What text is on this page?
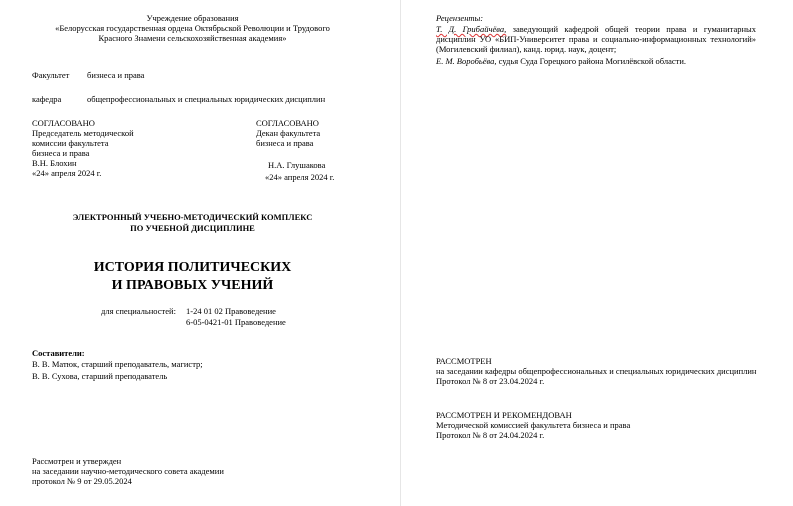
Учреждение образования
«Белорусская государственная ордена Октябрьской Революции и Трудового
Красного Знамени сельскохозяйственная академия»
Факультет бизнеса и права
кафедра	общепрофессиональных и специальных юридических дисциплин
СОГЛАСОВАНО
Председатель методической
комиссии факультета
бизнеса и права
В.Н. Блохин
«24» апреля 2024 г.
СОГЛАСОВАНО
Декан факультета
бизнеса и права
Н.А. Глушакова
«24» апреля 2024 г.
ЭЛЕКТРОННЫЙ УЧЕБНО-МЕТОДИЧЕСКИЙ КОМПЛЕКС
ПО УЧЕБНОЙ ДИСЦИПЛИНЕ
ИСТОРИЯ ПОЛИТИЧЕСКИХ
И ПРАВОВЫХ УЧЕНИЙ
для специальностей: 1-24 01 02 Правоведение
6-05-0421-01 Правоведение
Составители:
В. В. Матюк, старший преподаватель, магистр;
В. В. Сухова, старший преподаватель
Рассмотрен и утвержден
на заседании научно-методического совета академии
протокол № 9 от 29.05.2024
Рецензенты:
Т. Д. Грибайчёва, заведующий кафедрой общей теории права и гуманитарных дисциплин УО «БИП-Университет права и социально-информационных технологий» (Могилевский филиал), канд. юрид. наук, доцент;
Е. М. Воробьёва, судья Суда Горецкого района Могилёвской области.
РАССМОТРЕН
на заседании кафедры общепрофессиональных и специальных юридических дисциплин
Протокол № 8 от 23.04.2024 г.
РАССМОТРЕН И РЕКОМЕНДОВАН
Методической комиссией факультета бизнеса и права
Протокол № 8 от 24.04.2024 г.
